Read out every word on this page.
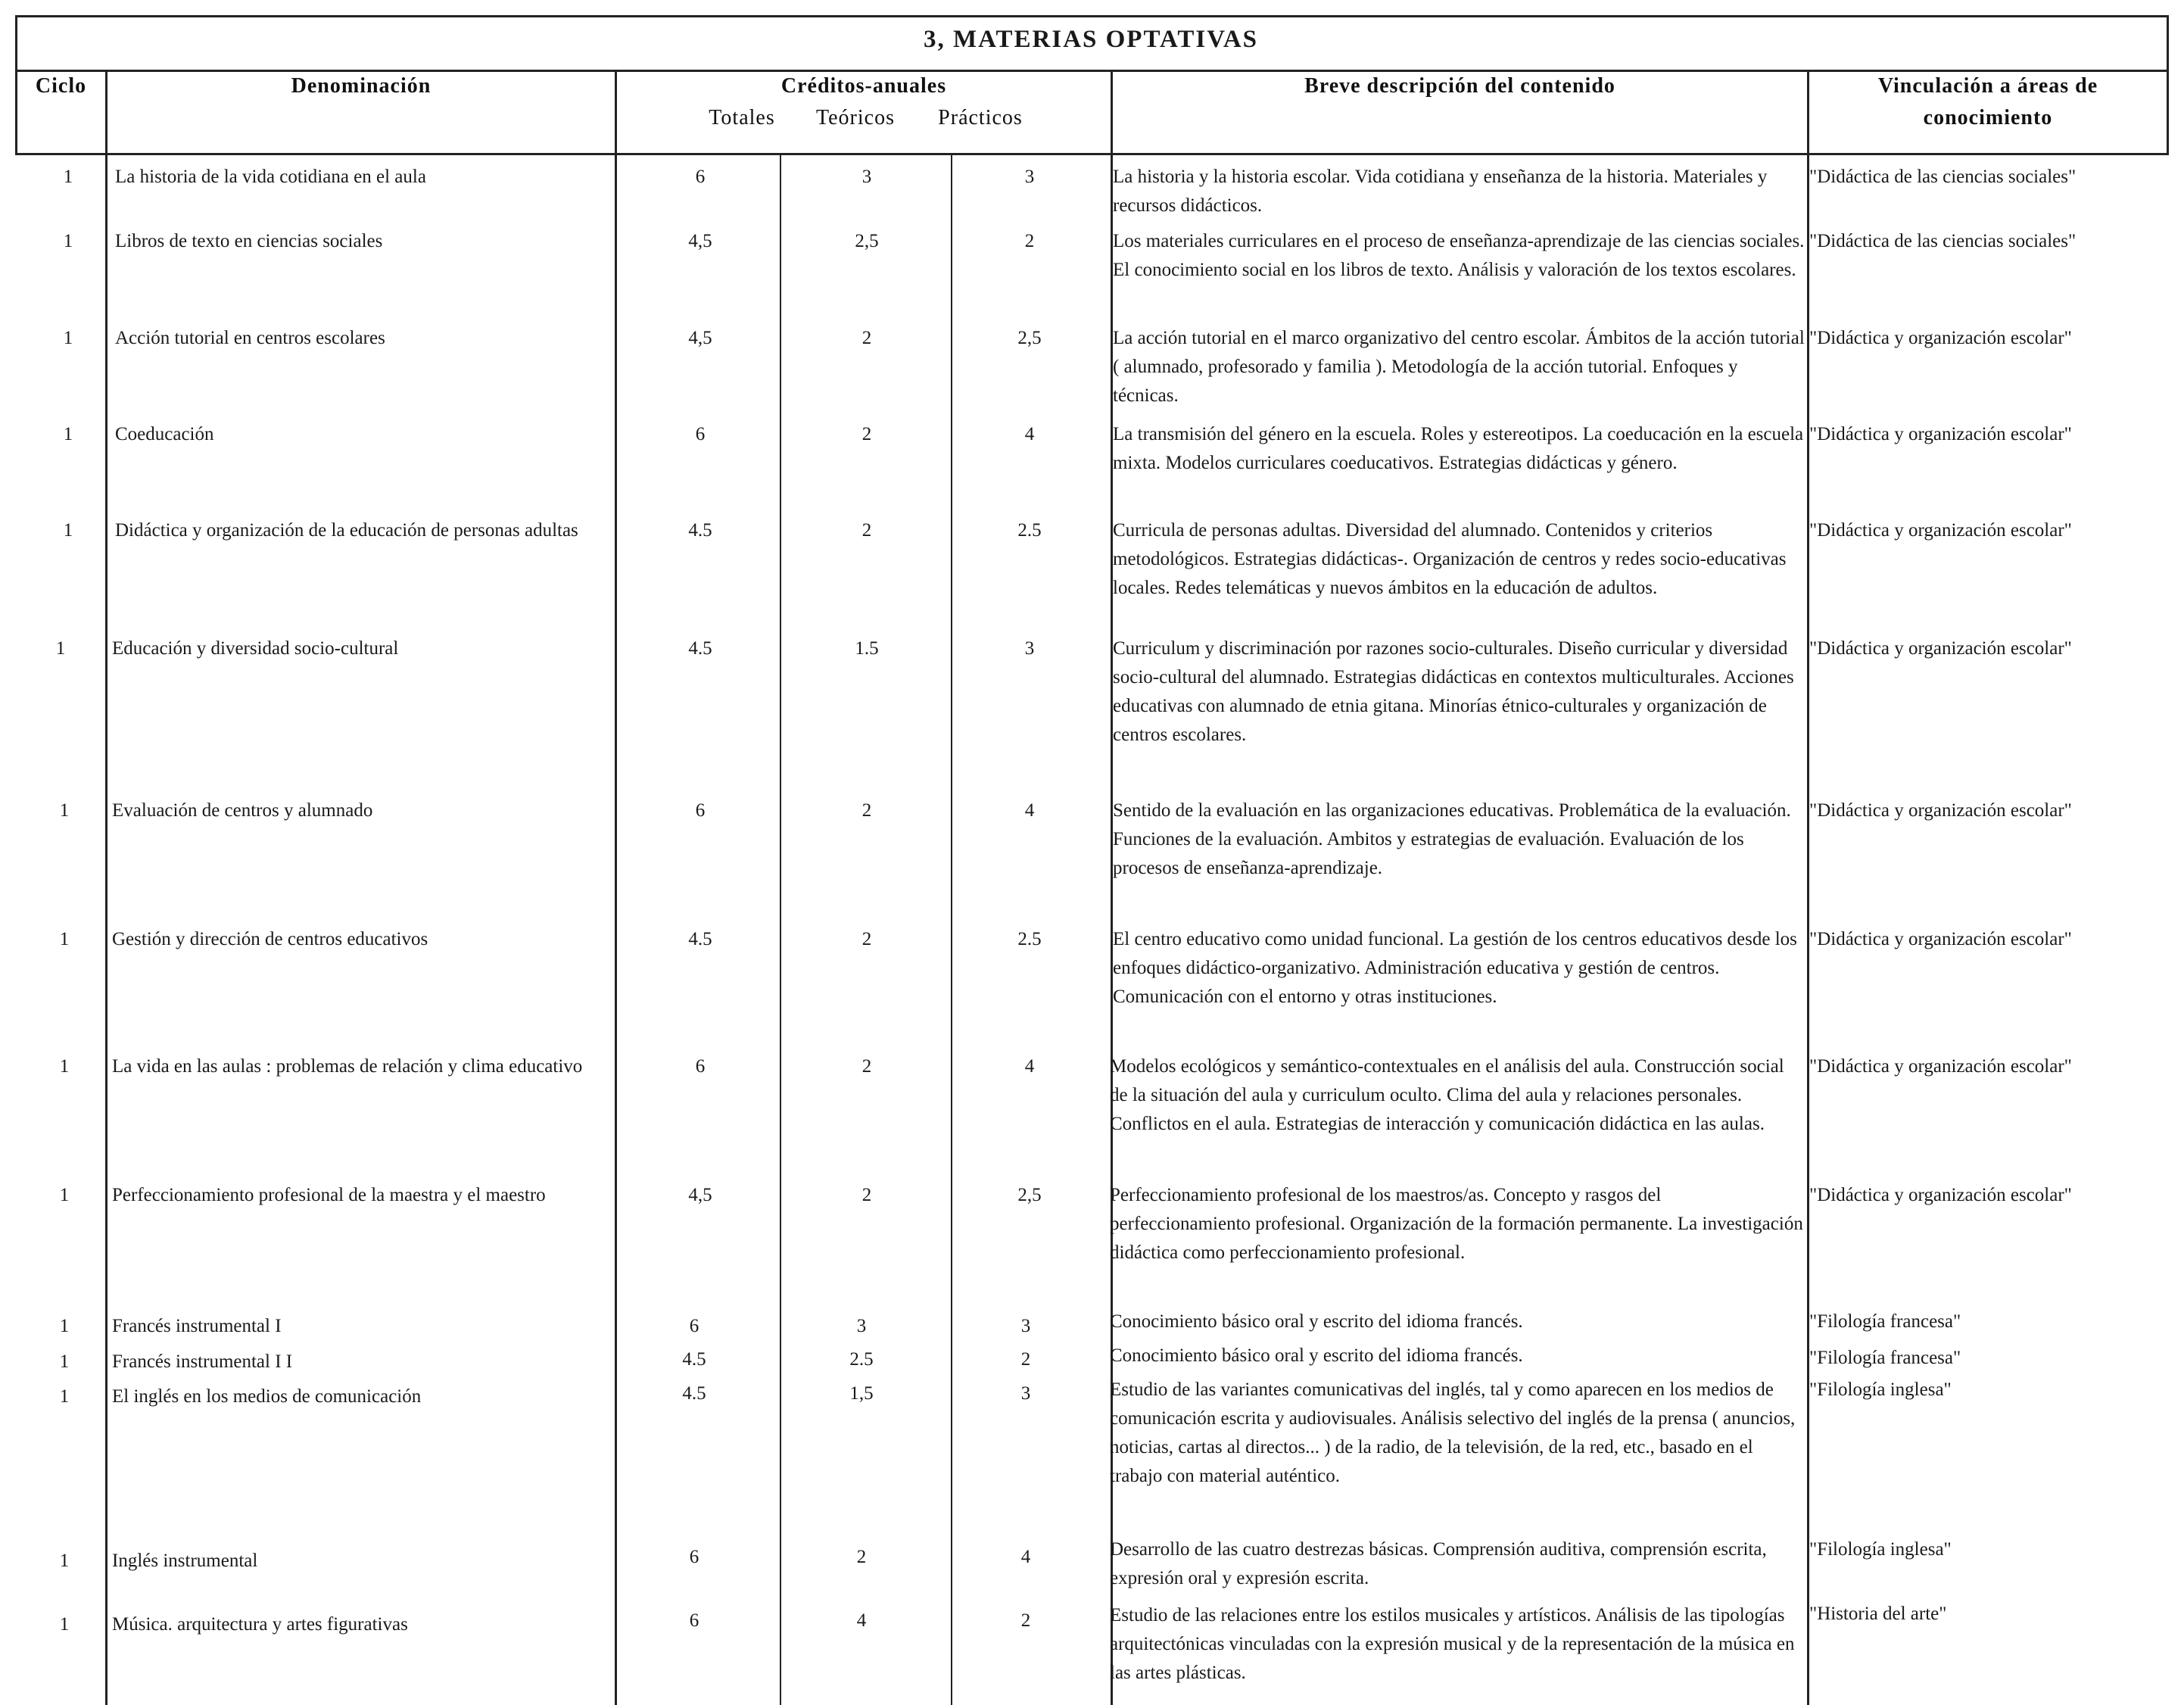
3, MATERIAS OPTATIVAS
Ciclo	Denominación	Créditos-anuales
Totales	Teóricos	Prácticos
Breve descripción del contenido	Vinculación a áreas de
conocimiento
1	La historia de la vida cotidiana en el aula	6	3	3	La historia y la historia escolar. Vida cotidiana y enseñanza de la historia. Materiales y recursos didácticos.
"Didáctica de las ciencias sociales"
1	Libros de texto en ciencias sociales	4,5	2,5	2	Los materiales curriculares en el proceso de enseñanza-aprendizaje de las ciencias sociales. El conocimiento social en los libros de texto. Análisis y valoración de los textos escolares.
"Didáctica de las ciencias sociales"
1	Acción tutorial en centros escolares	4,5	2	2,5	La acción tutorial en el marco organizativo del centro escolar. Ámbitos de la acción tutorial ( alumnado, profesorado y familia ). Metodología de la acción tutorial. Enfoques y técnicas.
"Didáctica y organización escolar"
1	Coeducación	6	2	4	La transmisión del género en la escuela. Roles y estereotipos. La coeducación en la escuela mixta. Modelos curriculares coeducativos. Estrategias didácticas y género.
"Didáctica y organización escolar"
1	Didáctica y organización de la educación de personas adultas	4.5	2	2.5	Curricula de personas adultas. Diversidad del alumnado. Contenidos y criterios metodológicos. Estrategias didácticas-. Organización de centros y redes socio-educativas locales. Redes telemáticas y nuevos ámbitos en la educación de adultos.
"Didáctica y organización escolar"
1	Educación y diversidad socio-cultural	4.5	1.5	3	Curriculum y discriminación por razones socio-culturales. Diseño curricular y diversidad socio-cultural del alumnado. Estrategias didácticas en contextos multiculturales. Acciones educativas con alumnado de etnia gitana. Minorías étnico-culturales y organización de centros escolares.
"Didáctica y organización escolar"
1	Evaluación de centros y alumnado	6	2	4	Sentido de la evaluación en las organizaciones educativas. Problemática de la evaluación. Funciones de la evaluación. Ambitos y estrategias de evaluación. Evaluación de los procesos de enseñanza-aprendizaje.
"Didáctica y organización escolar"
1	Gestión y dirección de centros educativos	4.5	2	2.5	El centro educativo como unidad funcional. La gestión de los centros educativos desde los enfoques didáctico-organizativo. Administración educativa y gestión de centros. Comunicación con el entorno y otras instituciones.
"Didáctica y organización escolar"
1	La vida en las aulas : problemas de relación y clima educativo	6	2	4	Modelos ecológicos y semántico-contextuales en el análisis del aula. Construcción social de la situación del aula y curriculum oculto. Clima del aula y relaciones personales. Conflictos en el aula. Estrategias de interacción y comunicación didáctica en las aulas.
"Didáctica y organización escolar"
1	Perfeccionamiento profesional de la maestra y el maestro	4,5	2	2,5	Perfeccionamiento profesional de los maestros/as. Concepto y rasgos del perfeccionamiento profesional. Organización de la formación permanente. La investigación didáctica como perfeccionamiento profesional.
"Didáctica y organización escolar"
1	Francés instrumental I	6	3	3	Conocimiento básico oral y escrito del idioma francés.	"Filología francesa"
1	Francés instrumental I I	4.5	2.5	2	Conocimiento básico oral y escrito del idioma francés.	"Filología francesa"
1	El inglés en los medios de comunicación	4.5	1,5	3	Estudio de las variantes comunicativas del inglés, tal y como aparecen en los medios de comunicación escrita y audiovisuales. Análisis selectivo del inglés de la prensa ( anuncios, noticias, cartas al directos... ) de la radio, de la televisión, de la red, etc., basado en el trabajo con material auténtico.
"Filología inglesa"
1	Inglés instrumental	6	2	4	Desarrollo de las cuatro destrezas básicas. Comprensión auditiva, comprensión escrita, expresión oral y expresión escrita.
"Filología inglesa"
1	Música. arquitectura y artes figurativas	6	4	2	Estudio de las relaciones entre los estilos musicales y artísticos. Análisis de las tipologías arquitectónicas vinculadas con la expresión musical y de la representación de la música en las artes plásticas.
"Historia del arte"
